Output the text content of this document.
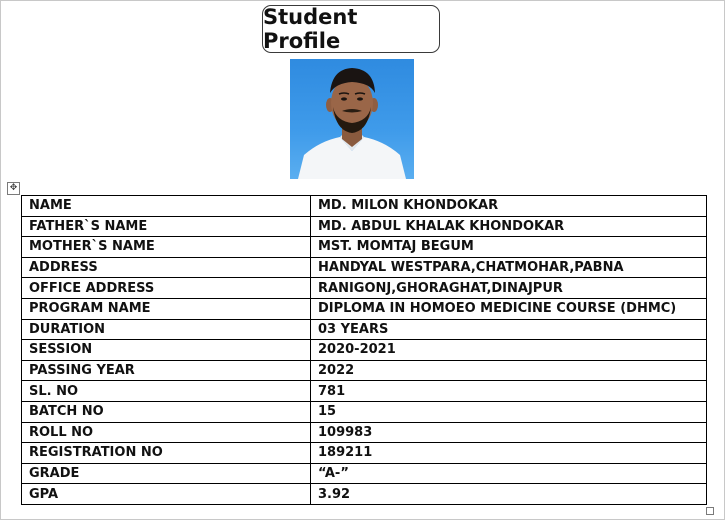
Student Profile
✥
NAME	MD. MILON KHONDOKAR
FATHER`S NAME	MD. ABDUL KHALAK KHONDOKAR
MOTHER`S NAME	MST. MOMTAJ BEGUM
ADDRESS	HANDYAL WESTPARA,CHATMOHAR,PABNA
OFFICE ADDRESS	RANIGONJ,GHORAGHAT,DINAJPUR
PROGRAM NAME	DIPLOMA IN HOMOEO MEDICINE COURSE (DHMC)
DURATION	03 YEARS
SESSION	2020-2021
PASSING YEAR	2022
SL. NO	781
BATCH NO	15
ROLL NO	109983
REGISTRATION NO	189211
GRADE	“A-”
GPA	3.92
